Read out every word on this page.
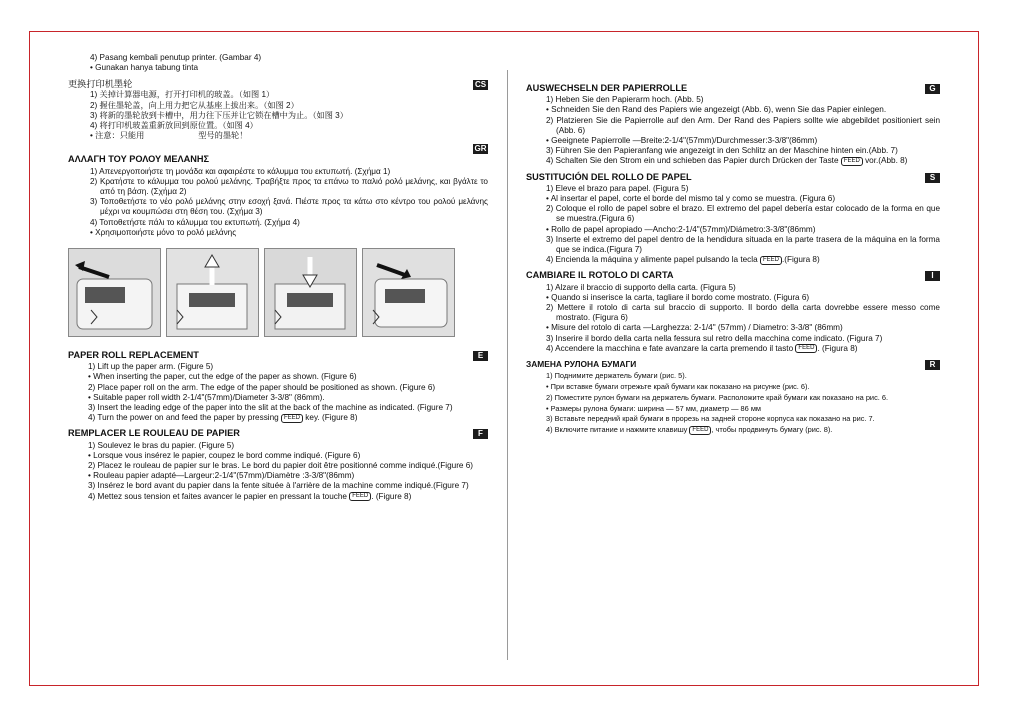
4) Pasang kembali penutup printer. (Gambar 4)
• Gunakan hanya tabung tinta
更换打印机墨轮	CS
1) 关掉计算器电源，打开打印机的玻盖。（如图 1）
2) 握住墨轮盖，向上用力把它从基座上拔出来。（如图 2）
3) 将新的墨轮放到卡槽中，用力往下压并让它锁在槽中为止。（如图 3）
4) 将打印机玻盖重新放回到原位置。（如图 4）
• 注意：只能用	型号的墨轮！
GR
ΑΛΛΑΓΗ ΤΟΥ ΡΟΛΟΥ ΜΕΛΑΝΗΣ
1) Απενεργοποιήστε τη μονάδα και αφαιρέστε το κάλυμμα του εκτυπωτή. (Σχήμα 1)
2) Κρατήστε το κάλυμμα του ρολού μελάνης. Τραβήξτε προς τα επάνω το παλιό ρολό μελάνης, και βγάλτε το από τη βάση. (Σχήμα 2)
3) Τοποθετήστε το νέο ρολό μελάνης στην εσοχή ξανά. Πιέστε προς τα κάτω στο κέντρο του ρολού μελάνης μέχρι να κουμπώσει στη θέση του. (Σχήμα 3)
4) Τοποθετήστε πάλι το κάλυμμα του εκτυπωτή. (Σχήμα 4)
• Χρησιμοποιήστε μόνο το ρολό μελάνης
PAPER ROLL REPLACEMENT	E
1) Lift up the paper arm. (Figure 5)
• When inserting the paper, cut the edge of the paper as shown. (Figure 6)
2) Place paper roll on the arm. The edge of the paper should be positioned as shown. (Figure 6)
• Suitable paper roll width 2-1/4"(57mm)/Diameter 3-3/8" (86mm).
3) Insert the leading edge of the paper into the slit at the back of the machine as indicated. (Figure 7)
4) Turn the power on and feed the paper by pressing FEED key. (Figure 8)
REMPLACER LE ROULEAU DE PAPIER	F
1) Soulevez le bras du papier. (Figure 5)
• Lorsque vous insérez le papier, coupez le bord comme indiqué. (Figure 6)
2) Placez le rouleau de papier sur le bras. Le bord du papier doit être positionné comme indiqué.(Figure 6)
• Rouleau papier adapté—Largeur:2-1/4"(57mm)/Diamètre :3-3/8"(86mm)
3) Insérez le bord avant du papier dans la fente située à l'arrière de la machine comme indiqué.(Figure 7)
4) Mettez sous tension et faites avancer le papier en pressant la touche FEED . (Figure 8)
AUSWECHSELN DER PAPIERROLLE	G
1) Heben Sie den Papierarm hoch. (Abb. 5)
• Schneiden Sie den Rand des Papiers wie angezeigt (Abb. 6), wenn Sie das Papier einlegen.
2) Platzieren Sie die Papierrolle auf den Arm. Der Rand des Papiers sollte wie abgebildet positioniert sein (Abb. 6)
• Geeignete Papierrolle —Breite:2-1/4"(57mm)/Durchmesser:3-3/8"(86mm)
3) Führen Sie den Papieranfang wie angezeigt in den Schlitz an der Maschine hinten ein.(Abb. 7)
4) Schalten Sie den Strom ein und schieben das Papier durch Drücken der Taste FEED vor.(Abb. 8)
SUSTITUCIÓN DEL ROLLO DE PAPEL	S
1) Eleve el brazo para papel. (Figura 5)
• Al insertar el papel, corte el borde del mismo tal y como se muestra. (Figura 6)
2) Coloque el rollo de papel sobre el brazo. El extremo del papel debería estar colocado de la forma en que se muestra.(Figura 6)
• Rollo de papel apropiado —Ancho:2-1/4"(57mm)/Diámetro:3-3/8"(86mm)
3) Inserte el extremo del papel dentro de la hendidura situada en la parte trasera de la máquina en la forma que se indica.(Figura 7)
4) Encienda la máquina y alimente papel pulsando la tecla FEED .(Figura 8)
CAMBIARE IL ROTOLO DI CARTA	I
1) Alzare il braccio di supporto della carta. (Figura 5)
• Quando si inserisce la carta, tagliare il bordo come mostrato. (Figura 6)
2) Mettere il rotolo di carta sul braccio di supporto. Il bordo della carta dovrebbe essere messo come mostrato. (Figura 6)
• Misure del rotolo di carta —Larghezza: 2-1/4" (57mm) / Diametro: 3-3/8" (86mm)
3) Inserire il bordo della carta nella fessura sul retro della macchina come indicato. (Figura 7)
4) Accendere la macchina e fate avanzare la carta premendo il tasto FEED . (Figura 8)
ЗАМЕНА РУЛОНА БУМАГИ	R
1) Поднимите держатель бумаги (рис. 5).
• При вставке бумаги отрежьте край бумаги как показано на рисунке (рис. 6).
2) Поместите рулон бумаги на держатель бумаги. Расположите край бумаги как показано на рис. 6.
• Размеры рулона бумаги: ширина — 57 мм, диаметр — 86 мм
3) Вставьте передний край бумаги в прорезь на задней стороне корпуса как показано на рис. 7.
4) Включите питание и нажмите клавишу FEED , чтобы продвинуть бумагу (рис. 8).
